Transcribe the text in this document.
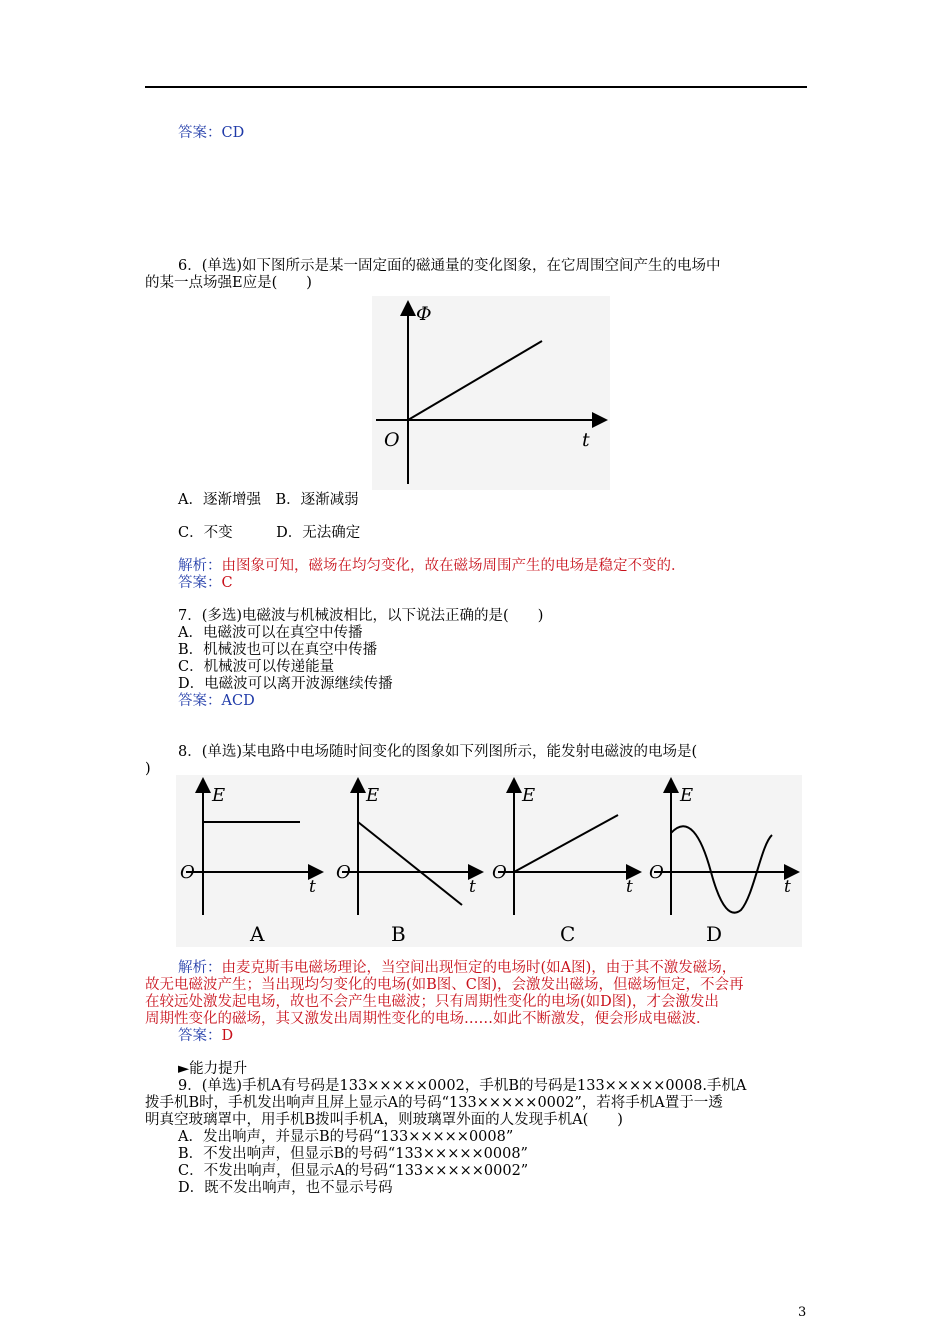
答案：CD
6．(单选)如下图所示是某一固定面的磁通量的变化图象，在它周围空间产生的电场中
的某一点场强E应是(　　)
Φ
t
O
A．逐渐增强　B．逐渐减弱
C．不变　　　D．无法确定
解析：由图象可知，磁场在均匀变化，故在磁场周围产生的电场是稳定不变的．
答案：C
7．(多选)电磁波与机械波相比，以下说法正确的是(　　)
A．电磁波可以在真空中传播
B．机械波也可以在真空中传播
C．机械波可以传递能量
D．电磁波可以离开波源继续传播
答案：ACD
8．(单选)某电路中电场随时间变化的图象如下列图所示，能发射电磁波的电场是(
)
E
t
O
A
E
t
O
B
E
t
O
C
E
t
O
D
解析：由麦克斯韦电磁场理论，当空间出现恒定的电场时(如A图)，由于其不激发磁场，
故无电磁波产生；当出现均匀变化的电场(如B图、C图)，会激发出磁场，但磁场恒定，不会再
在较远处激发起电场，故也不会产生电磁波；只有周期性变化的电场(如D图)，才会激发出
周期性变化的磁场，其又激发出周期性变化的电场……如此不断激发，便会形成电磁波．
答案：D
►能力提升
9．(单选)手机A有号码是133×××××0002，手机B的号码是133×××××0008.手机A
拨手机B时，手机发出响声且屏上显示A的号码“133×××××0002”，若将手机A置于一透
明真空玻璃罩中，用手机B拨叫手机A，则玻璃罩外面的人发现手机A(　　)
A．发出响声，并显示B的号码“133×××××0008”
B．不发出响声，但显示B的号码“133×××××0008”
C．不发出响声，但显示A的号码“133×××××0002”
D．既不发出响声，也不显示号码
3
